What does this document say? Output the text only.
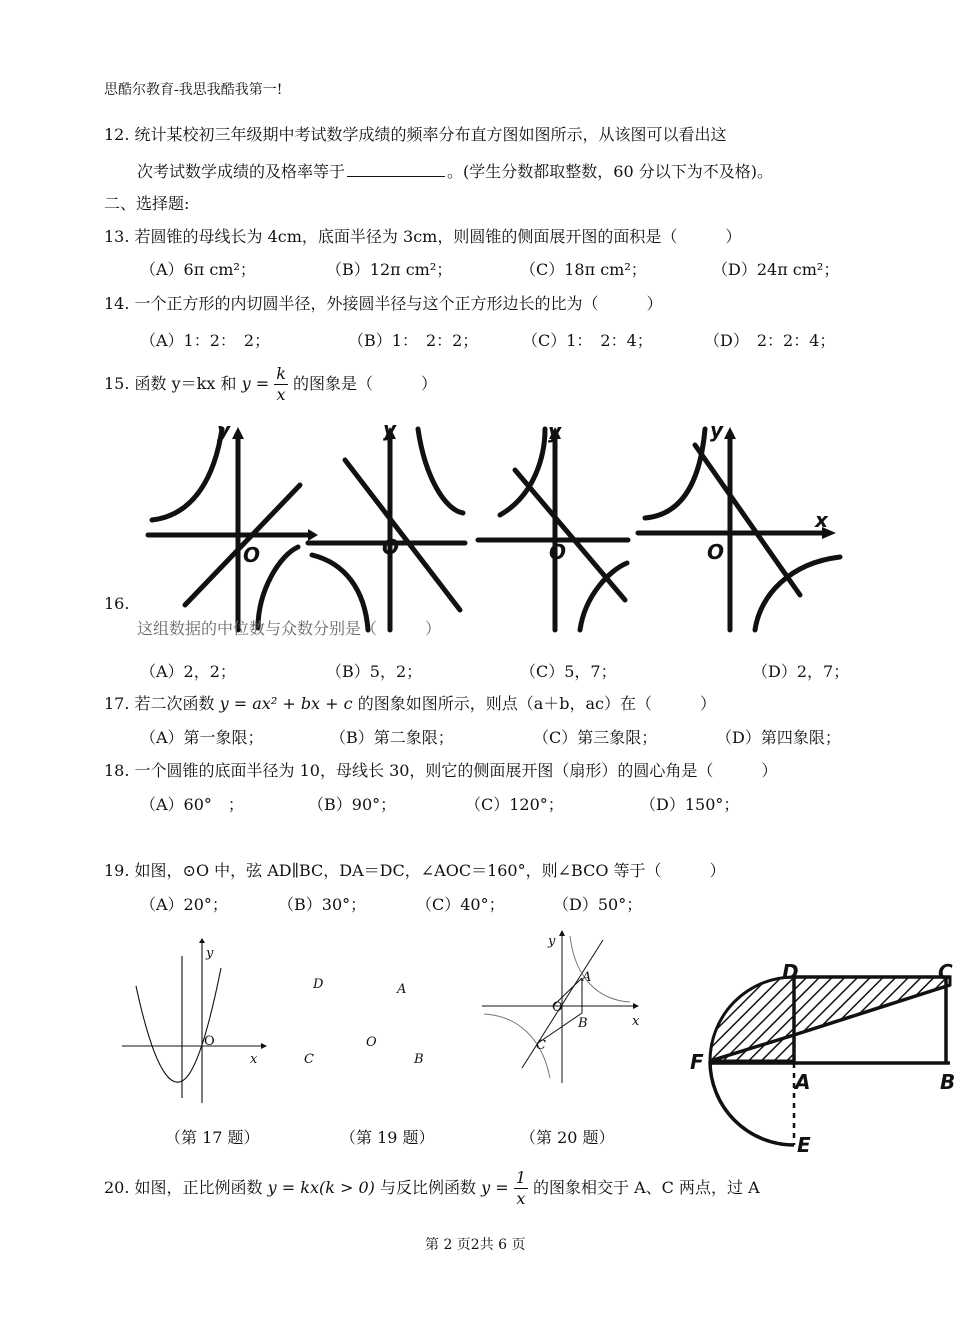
思酷尔教育-我思我酷我第一!
12. 统计某校初三年级期中考试数学成绩的频率分布直方图如图所示，从该图可以看出这
次考试数学成绩的及格率等于	。(学生分数都取整数，60 分以下为不及格)。
二、选择题:
13. 若圆锥的母线长为 4cm，底面半径为 3cm，则圆锥的侧面展开图的面积是（　　　）
（A）6π cm²；	（B）12π cm²；	（C）18π cm²；	（D）24π cm²；
14. 一个正方形的内切圆半径，外接圆半径与这个正方形边长的比为（　　　）
（A）1：2：　2；	（B）1：　2：2；	（C）1：　2：4；	（D）　2：2：4；
15. 函数 y＝kx 和 $y = \frac{k}{x}$ 的图象是（　　　）
y
O
y
O
y
O
y
O
x
16.
这组数据的中位数与众数分别是（　　　）
（A）2，2；	（B）5，2；	（C）5，7；	（D）2，7；
17. 若二次函数 y = ax² + bx + c 的图象如图所示，则点（a＋b，ac）在（　　　）
（A）第一象限；	（B）第二象限；	（C）第三象限；	（D）第四象限；
18. 一个圆锥的底面半径为 10，母线长 30，则它的侧面展开图（扇形）的圆心角是（　　　）
（A）60°　；	（B）90°；	（C）120°；	（D）150°；
19. 如图，⊙O 中，弦 AD∥BC，DA＝DC，∠AOC＝160°，则∠BCO 等于（　　　）
（A）20°；	（B）30°；	（C）40°；	（D）50°；
y
O
x
（第 17 题）
D	A
O
C	B
（第 19 题）
y
A
O
B	x
C
（第 20 题）
D	C
F
A	B
E
20. 如图，正比例函数 y = kx(k > 0) 与反比例函数 $y = \frac{1}{x}$ 的图象相交于 A、C 两点，过 A
第 2 页2共 6 页
